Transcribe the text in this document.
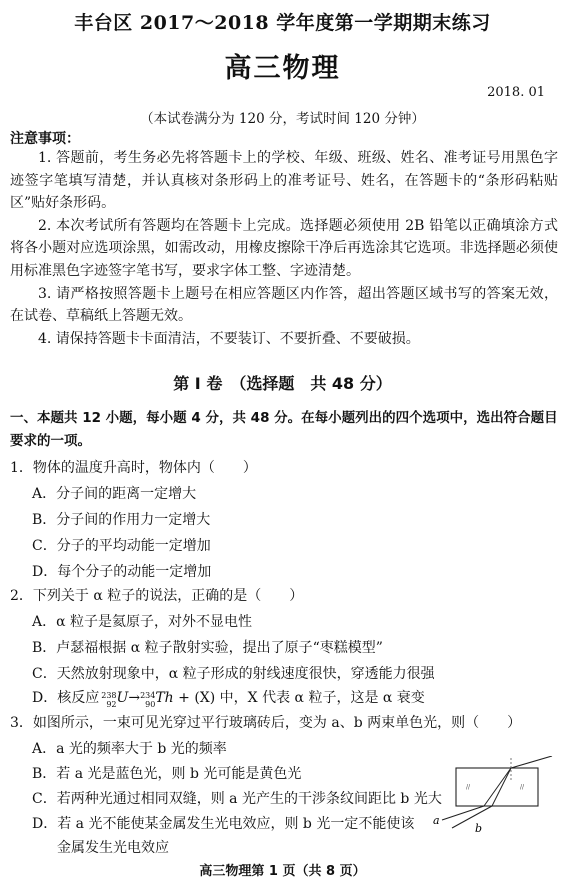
丰台区 2017～2018 学年度第一学期期末练习
高三物理
2018. 01
（本试卷满分为 120 分，考试时间 120 分钟）
注意事项：

1. 答题前，考生务必先将答题卡上的学校、年级、班级、姓名、准考证号用黑色字迹签字笔填写清楚，并认真核对条形码上的准考证号、姓名，在答题卡的“条形码粘贴区”贴好条形码。

2. 本次考试所有答题均在答题卡上完成。选择题必须使用 2B 铅笔以正确填涂方式将各小题对应选项涂黑，如需改动，用橡皮擦除干净后再选涂其它选项。非选择题必须使用标准黑色字迹签字笔书写，要求字体工整、字迹清楚。

3. 请严格按照答题卡上题号在相应答题区内作答，超出答题区域书写的答案无效，在试卷、草稿纸上答题无效。

4. 请保持答题卡卡面清洁，不要装订、不要折叠、不要破损。

第 Ⅰ 卷　（选择题　共 48 分）
一、本题共 12 小题，每小题 4 分，共 48 分。在每小题列出的四个选项中，选出符合题目要求的一项。
1．物体的温度升高时，物体内（　　）
A．分子间的距离一定增大
B．分子间的作用力一定增大
C．分子的平均动能一定增加
D．每个分子的动能一定增加
2．下列关于 α 粒子的说法，正确的是（　　）
A．α 粒子是氦原子，对外不显电性
B．卢瑟福根据 α 粒子散射实验，提出了原子“枣糕模型”
C．天然放射现象中，α 粒子形成的射线速度很快，穿透能力很强
D．核反应 238
92 U→ 234
90 Th + (X) 中，X 代表 α 粒子，这是 α 衰变
3．如图所示，一束可见光穿过平行玻璃砖后，变为 a、b 两束单色光，则（　　）
A．a 光的频率大于 b 光的频率
B．若 a 光是蓝色光，则 b 光可能是黄色光
C．若两种光通过相同双缝，则 a 光产生的干涉条纹间距比 b 光大
D．若 a 光不能使某金属发生光电效应，则 b 光一定不能使该
金属发生光电效应
//	//
a
b
高三物理第 1 页（共 8 页）
